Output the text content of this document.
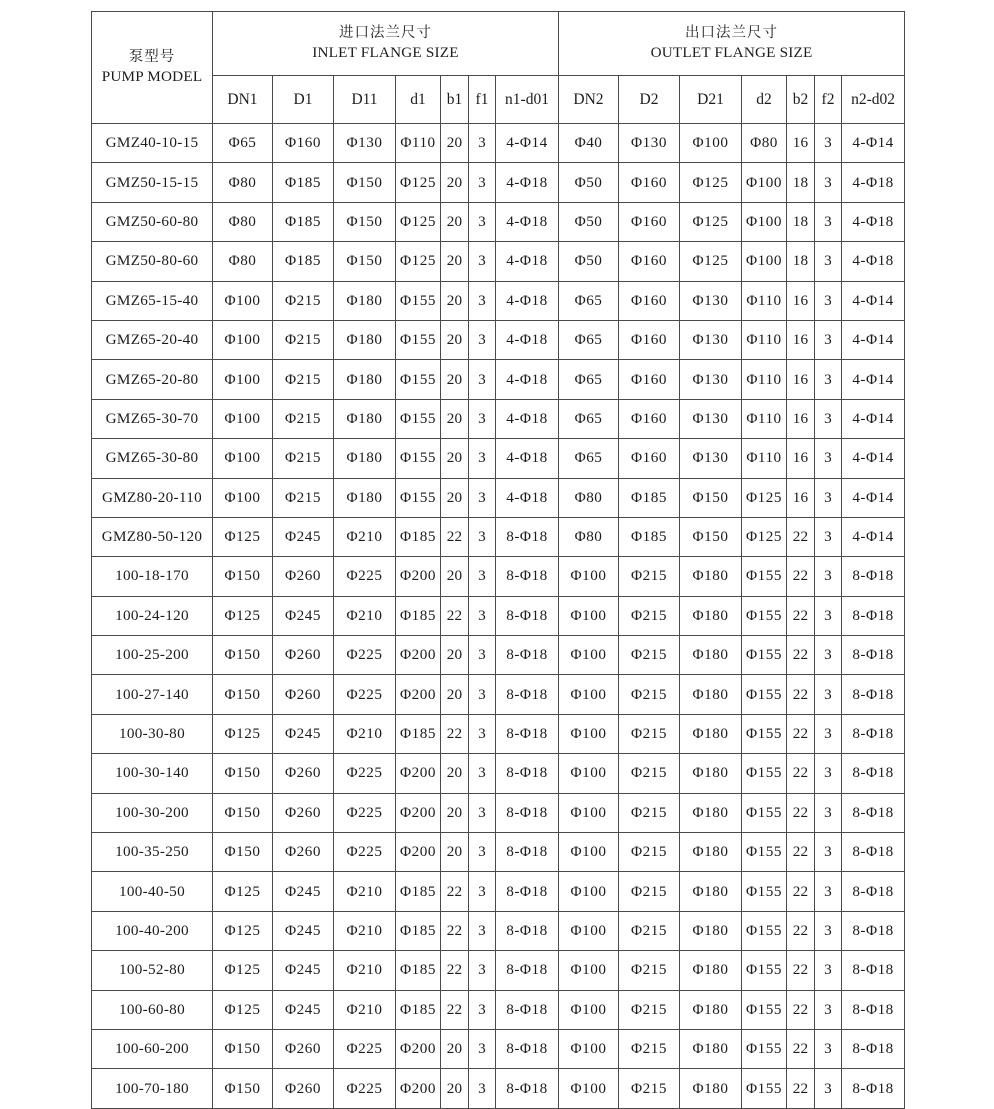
泵型号
PUMP MODEL	进口法兰尺寸
INLET FLANGE SIZE							出口法兰尺寸
OUTLET FLANGE SIZE						

	DN1	D1	D11	d1	b1	f1	n1-d01	DN2	D2	D21	d2	b2	f2	n2-d02
GMZ40-10-15	Φ65	Φ160	Φ130	Φ110	20	3	4-Φ14	Φ40	Φ130	Φ100	Φ80	16	3	4-Φ14
GMZ50-15-15	Φ80	Φ185	Φ150	Φ125	20	3	4-Φ18	Φ50	Φ160	Φ125	Φ100	18	3	4-Φ18
GMZ50-60-80	Φ80	Φ185	Φ150	Φ125	20	3	4-Φ18	Φ50	Φ160	Φ125	Φ100	18	3	4-Φ18
GMZ50-80-60	Φ80	Φ185	Φ150	Φ125	20	3	4-Φ18	Φ50	Φ160	Φ125	Φ100	18	3	4-Φ18
GMZ65-15-40	Φ100	Φ215	Φ180	Φ155	20	3	4-Φ18	Φ65	Φ160	Φ130	Φ110	16	3	4-Φ14
GMZ65-20-40	Φ100	Φ215	Φ180	Φ155	20	3	4-Φ18	Φ65	Φ160	Φ130	Φ110	16	3	4-Φ14
GMZ65-20-80	Φ100	Φ215	Φ180	Φ155	20	3	4-Φ18	Φ65	Φ160	Φ130	Φ110	16	3	4-Φ14
GMZ65-30-70	Φ100	Φ215	Φ180	Φ155	20	3	4-Φ18	Φ65	Φ160	Φ130	Φ110	16	3	4-Φ14
GMZ65-30-80	Φ100	Φ215	Φ180	Φ155	20	3	4-Φ18	Φ65	Φ160	Φ130	Φ110	16	3	4-Φ14
GMZ80-20-110	Φ100	Φ215	Φ180	Φ155	20	3	4-Φ18	Φ80	Φ185	Φ150	Φ125	16	3	4-Φ14
GMZ80-50-120	Φ125	Φ245	Φ210	Φ185	22	3	8-Φ18	Φ80	Φ185	Φ150	Φ125	22	3	4-Φ14
100-18-170	Φ150	Φ260	Φ225	Φ200	20	3	8-Φ18	Φ100	Φ215	Φ180	Φ155	22	3	8-Φ18
100-24-120	Φ125	Φ245	Φ210	Φ185	22	3	8-Φ18	Φ100	Φ215	Φ180	Φ155	22	3	8-Φ18
100-25-200	Φ150	Φ260	Φ225	Φ200	20	3	8-Φ18	Φ100	Φ215	Φ180	Φ155	22	3	8-Φ18
100-27-140	Φ150	Φ260	Φ225	Φ200	20	3	8-Φ18	Φ100	Φ215	Φ180	Φ155	22	3	8-Φ18
100-30-80	Φ125	Φ245	Φ210	Φ185	22	3	8-Φ18	Φ100	Φ215	Φ180	Φ155	22	3	8-Φ18
100-30-140	Φ150	Φ260	Φ225	Φ200	20	3	8-Φ18	Φ100	Φ215	Φ180	Φ155	22	3	8-Φ18
100-30-200	Φ150	Φ260	Φ225	Φ200	20	3	8-Φ18	Φ100	Φ215	Φ180	Φ155	22	3	8-Φ18
100-35-250	Φ150	Φ260	Φ225	Φ200	20	3	8-Φ18	Φ100	Φ215	Φ180	Φ155	22	3	8-Φ18
100-40-50	Φ125	Φ245	Φ210	Φ185	22	3	8-Φ18	Φ100	Φ215	Φ180	Φ155	22	3	8-Φ18
100-40-200	Φ125	Φ245	Φ210	Φ185	22	3	8-Φ18	Φ100	Φ215	Φ180	Φ155	22	3	8-Φ18
100-52-80	Φ125	Φ245	Φ210	Φ185	22	3	8-Φ18	Φ100	Φ215	Φ180	Φ155	22	3	8-Φ18
100-60-80	Φ125	Φ245	Φ210	Φ185	22	3	8-Φ18	Φ100	Φ215	Φ180	Φ155	22	3	8-Φ18
100-60-200	Φ150	Φ260	Φ225	Φ200	20	3	8-Φ18	Φ100	Φ215	Φ180	Φ155	22	3	8-Φ18
100-70-180	Φ150	Φ260	Φ225	Φ200	20	3	8-Φ18	Φ100	Φ215	Φ180	Φ155	22	3	8-Φ18
